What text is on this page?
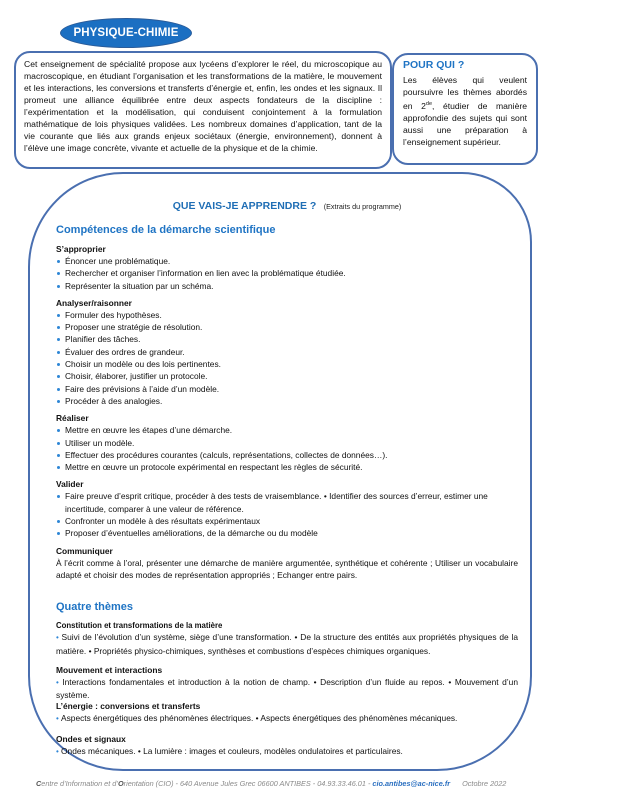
PHYSIQUE-CHIMIE

Cet enseignement de spécialité propose aux lycéens d’explorer le réel, du microscopique au macroscopique, en étudiant l’organisation et les transformations de la matière, le mouvement et les interactions, les conversions et transferts d’énergie et, enfin, les ondes et les signaux. Il promeut une alliance équilibrée entre deux aspects fondateurs de la discipline : l’expérimentation et la modélisation, qui conduisent conjointement à la formulation mathématique de lois physiques validées. Les nombreux domaines d’application, tant de la vie courante que liés aux grands enjeux sociétaux (énergie, environnement), donnent à l’élève une image concrète, vivante et actuelle de la physique et de la chimie.

POUR QUI ?

Les élèves qui veulent poursuivre les thèmes abordés en 2de, étudier de manière approfondie des sujets qui sont aussi une préparation à l’enseignement supérieur.

QUE VAIS-JE APPRENDRE ? (Extraits du programme)
Compétences de la démarche scientifique
S’approprier
Énoncer une problématique.
Rechercher et organiser l’information en lien avec la problématique étudiée.
Représenter la situation par un schéma.
Analyser/raisonner
Formuler des hypothèses.
Proposer une stratégie de résolution.
Planifier des tâches.
Évaluer des ordres de grandeur.
Choisir un modèle ou des lois pertinentes.
Choisir, élaborer, justifier un protocole.
Faire des prévisions à l’aide d’un modèle.
Procéder à des analogies.
Réaliser
Mettre en œuvre les étapes d’une démarche.
Utiliser un modèle.
Effectuer des procédures courantes (calculs, représentations, collectes de données…).
Mettre en œuvre un protocole expérimental en respectant les règles de sécurité.
Valider
Faire preuve d’esprit critique, procéder à des tests de vraisemblance. • Identifier des sources d’erreur, estimer une incertitude, comparer à une valeur de référence.
Confronter un modèle à des résultats expérimentaux
Proposer d’éventuelles améliorations, de la démarche ou du modèle
Communiquer

À l’écrit comme à l’oral, présenter une démarche de manière argumentée, synthétique et cohérente ; Utiliser un vocabulaire adapté et choisir des modes de représentation appropriés ; Echanger entre pairs.

Quatre thèmes
Constitution et transformations de la matière

• Suivi de l’évolution d’un système, siège d’une transformation. • De la structure des entités aux propriétés physiques de la matière. • Propriétés physico-chimiques, synthèses et combustions d’espèces chimiques organiques.

Mouvement et interactions

• Interactions fondamentales et introduction à la notion de champ. • Description d’un fluide au repos. • Mouvement d’un système.

L’énergie : conversions et transferts

• Aspects énergétiques des phénomènes électriques. • Aspects énergétiques des phénomènes mécaniques.

Ondes et signaux

• Ondes mécaniques. • La lumière : images et couleurs, modèles ondulatoires et particulaires.

Centre d’Information et d’Orientation (CIO) - 640 Avenue Jules Grec 06600 ANTIBES - 04.93.33.46.01 - cio.antibes@ac-nice.fr Octobre 2022
